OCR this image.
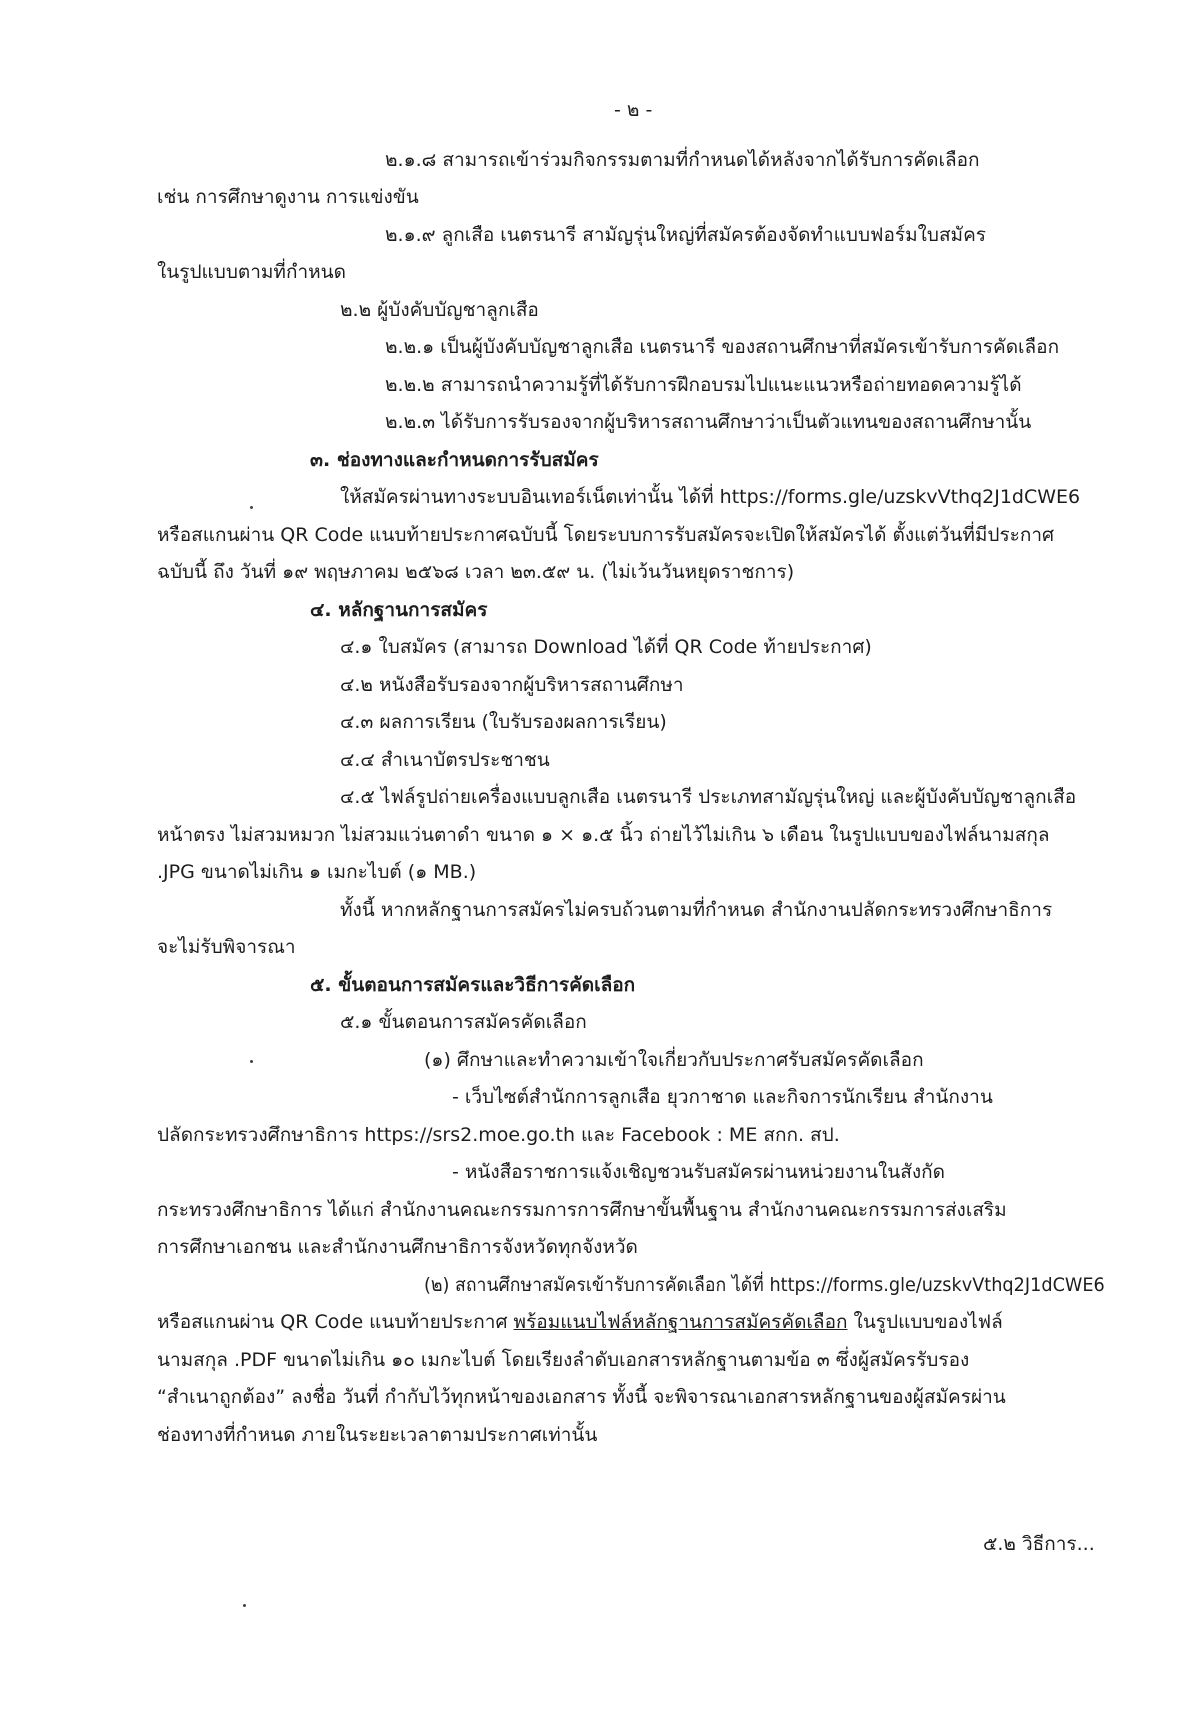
- ๒ -
๒.๑.๘ สามารถเข้าร่วมกิจกรรมตามที่กำหนดได้หลังจากได้รับการคัดเลือก
เช่น การศึกษาดูงาน การแข่งขัน
๒.๑.๙ ลูกเสือ เนตรนารี สามัญรุ่นใหญ่ที่สมัครต้องจัดทำแบบฟอร์มใบสมัคร
ในรูปแบบตามที่กำหนด
๒.๒ ผู้บังคับบัญชาลูกเสือ
๒.๒.๑ เป็นผู้บังคับบัญชาลูกเสือ เนตรนารี ของสถานศึกษาที่สมัครเข้ารับการคัดเลือก
๒.๒.๒ สามารถนำความรู้ที่ได้รับการฝึกอบรมไปแนะแนวหรือถ่ายทอดความรู้ได้
๒.๒.๓ ได้รับการรับรองจากผู้บริหารสถานศึกษาว่าเป็นตัวแทนของสถานศึกษานั้น
๓. ช่องทางและกำหนดการรับสมัคร
ให้สมัครผ่านทางระบบอินเทอร์เน็ตเท่านั้น ได้ที่ https://forms.gle/uzskvVthq2J1dCWE6
หรือสแกนผ่าน QR Code แนบท้ายประกาศฉบับนี้ โดยระบบการรับสมัครจะเปิดให้สมัครได้ ตั้งแต่วันที่มีประกาศ
ฉบับนี้ ถึง วันที่ ๑๙ พฤษภาคม ๒๕๖๘ เวลา ๒๓.๕๙ น. (ไม่เว้นวันหยุดราชการ)
๔. หลักฐานการสมัคร
๔.๑ ใบสมัคร (สามารถ Download ได้ที่ QR Code ท้ายประกาศ)
๔.๒ หนังสือรับรองจากผู้บริหารสถานศึกษา
๔.๓ ผลการเรียน (ใบรับรองผลการเรียน)
๔.๔ สำเนาบัตรประชาชน
๔.๕ ไฟล์รูปถ่ายเครื่องแบบลูกเสือ เนตรนารี ประเภทสามัญรุ่นใหญ่ และผู้บังคับบัญชาลูกเสือ
หน้าตรง ไม่สวมหมวก ไม่สวมแว่นตาดำ ขนาด ๑ × ๑.๕ นิ้ว ถ่ายไว้ไม่เกิน ๖ เดือน ในรูปแบบของไฟล์นามสกุล
.JPG ขนาดไม่เกิน ๑ เมกะไบต์ (๑ MB.)
ทั้งนี้ หากหลักฐานการสมัครไม่ครบถ้วนตามที่กำหนด สำนักงานปลัดกระทรวงศึกษาธิการ
จะไม่รับพิจารณา
๕. ขั้นตอนการสมัครและวิธีการคัดเลือก
๕.๑ ขั้นตอนการสมัครคัดเลือก
(๑) ศึกษาและทำความเข้าใจเกี่ยวกับประกาศรับสมัครคัดเลือก
- เว็บไซต์สำนักการลูกเสือ ยุวกาชาด และกิจการนักเรียน สำนักงาน
ปลัดกระทรวงศึกษาธิการ https://srs2.moe.go.th และ Facebook : ME สกก. สป.
- หนังสือราชการแจ้งเชิญชวนรับสมัครผ่านหน่วยงานในสังกัด
กระทรวงศึกษาธิการ ได้แก่ สำนักงานคณะกรรมการการศึกษาขั้นพื้นฐาน สำนักงานคณะกรรมการส่งเสริม
การศึกษาเอกชน และสำนักงานศึกษาธิการจังหวัดทุกจังหวัด
(๒) สถานศึกษาสมัครเข้ารับการคัดเลือก ได้ที่ https://forms.gle/uzskvVthq2J1dCWE6
หรือสแกนผ่าน QR Code แนบท้ายประกาศ พร้อมแนบไฟล์หลักฐานการสมัครคัดเลือก ในรูปแบบของไฟล์
นามสกุล .PDF ขนาดไม่เกิน ๑๐ เมกะไบต์ โดยเรียงลำดับเอกสารหลักฐานตามข้อ ๓ ซึ่งผู้สมัครรับรอง
“สำเนาถูกต้อง” ลงชื่อ วันที่ กำกับไว้ทุกหน้าของเอกสาร ทั้งนี้ จะพิจารณาเอกสารหลักฐานของผู้สมัครผ่าน
ช่องทางที่กำหนด ภายในระยะเวลาตามประกาศเท่านั้น
๕.๒ วิธีการ...
